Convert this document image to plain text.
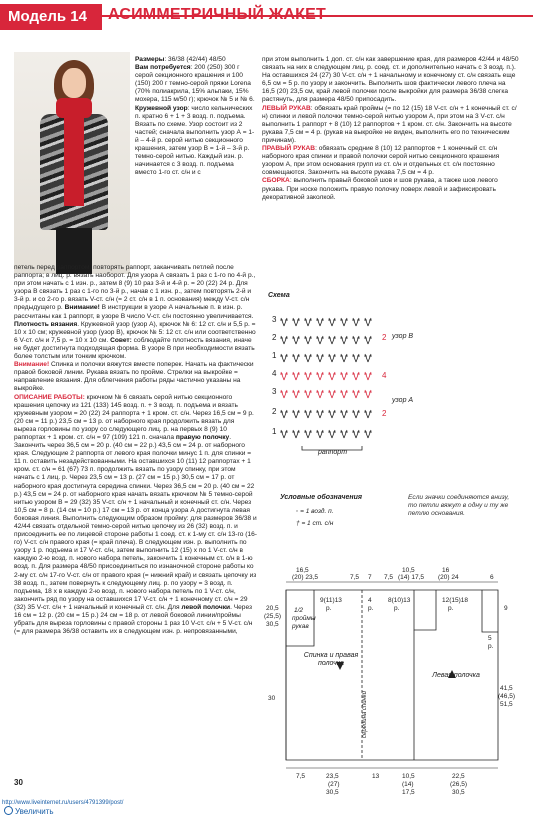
Модель 14	АСИММЕТРИЧНЫЙ ЖАКЕТ

Размеры: 36/38 (42/44) 48/50

Вам потребуется: 200 (250) 300 г серой секционного крашения и 100 (150) 200 г темно-серой пряжи Lorena (70% полиакрила, 15% альпаки, 15% мохера, 115 м/50 г); крючок № 5 и № 6.

Кружевной узор: число кельнических п. кратно 6 + 1 + 3 возд. п. подъема. Вязать по схеме. Узор состоит из 2 частей; сначала выполнить узор А = 1-й – 4-й р. серой нитью секционного крашения, затем узор В = 1-й – 3-й р. темно-серой нитью. Каждый изн. р. начинается с 3 возд. п. подъема вместо 1-го ст. с/н и с

петель перед раппортом, повторять раппорт, заканчивать петлей после раппорта; в лиц. р. вязать наоборот. Для узора А связать 1 раз с 1-го по 4-й р., при этом начать с 1 изн. р., затем 8 (9) 10 раз 3-й и 4-й р. = 20 (22) 24 р. Для узора В связать 1 раз с 1-го по 3-й р., начав с 1 изн. р., затем повторять 2-й и 3-й р. и со 2-го р. вязать V-ст. с/н (= 2 ст. с/н в 1 п. основания) между V-ст. с/н предыдущего р. Внимание! В инструкции в узоре А начальные п. в изн. р. рассчитаны как 1 раппорт, в узоре В число V-ст. с/н постоянно увеличивается.

Плотность вязания. Кружевной узор (узор А), крючок № 6: 12 ст. с/н и 5,5 р. = 10 х 10 см; кружевной узор (узор В), крючок № 5: 12 ст. с/н или соответственно 6 V-ст. с/н и 7,5 р. = 10 х 10 см. Совет: соблюдайте плотность вязания, иначе не будет достигнута подходящая форма. В узоре В при необходимости вязать более толстым или тонким крючком.

Внимание! Спинка и полочки вяжутся вместе поперек. Начать на фактически правой боковой линии. Рукава вязать по пройме. Стрелки на выкройке = направление вязания. Для облегчения работы ряды частично указаны на выкройке.

ОПИСАНИЕ РАБОТЫ: крючком № 6 связать серой нитью секционного крашения цепочку из 121 (133) 145 возд. п. + 3 возд. п. подъема и вязать кружевным узором = 20 (22) 24 раппорта + 1 кром. ст. с/н. Через 16,5 см = 9 р. (20 см = 11 р.) 23,5 см = 13 р. от наборного края продолжить вязать для выреза горловины по узору со следующего лиц. р. на первых 8 (9) 10 раппортах + 1 кром. ст. с/н = 97 (109) 121 п. сначала правую полочку. Закончить через 36,5 см = 20 р. (40 см = 22 р.) 43,5 см = 24 р. от наборного края. Следующие 2 раппорта от левого края полочки минус 1 п. для спинки = 11 п. оставить незадействованными. На оставшихся 10 (11) 12 раппортах + 1 кром. ст. с/н = 61 (67) 73 п. продолжить вязать по узору спинку, при этом начать с 1 лиц. р. Через 23,5 см = 13 р. (27 см = 15 р.) 30,5 см = 17 р. от наборного края достигнута середина спинки. Через 36,5 см = 20 р. (40 см = 22 р.) 43,5 см = 24 р. от наборного края начать вязать крючком № 5 темно-серой нитью узором В = 29 (32) 35 V-ст. с/н + 1 начальный и конечный ст. с/н. Через 10,5 см = 8 р. (14 см = 10 р.) 17 см = 13 р. от конца узора А достигнута левая боковая линия. Выполнить следующим образом пройму: для размеров 36/38 и 42/44 связать отдельной темно-серой нитью цепочку из 26 (32) возд. п. и присоединить ее по лицевой стороне работы 1 соед. ст. к 1-му ст. с/н 13-го (16-го) V-ст. с/н правого края (= край плеча). В следующем изн. р. выполнить по узору 1 р. подъема и 17 V-ст. с/н, затем выполнить 12 (15) х по 1 V-ст. с/н в каждую 2-ю возд. п. нового набора петель, закончить 1 конечным ст. с/н в 1-ю возд. п. Для размера 48/50 присоединиться по изнаночной стороне работы ко 2-му ст. с/н 17-го V-ст. с/н от правого края (= нижний край) и связать цепочку из 38 возд. п., затем повернуть к следующему лиц. р. по узору = 3 возд. п. подъема, 18 х в каждую 2-ю возд. п. нового набора петель по 1 V-ст. с/н, закончить ряд по узору на оставшихся 17 V-ст. с/н + 1 конечному ст. с/н = 29 (32) 35 V-ст. с/н + 1 начальный и конечный ст. с/н. Для левой полочки. Через 16 см = 12 р. (20 см = 15 р.) 24 см = 18 р. от левой боковой линии/проймы убрать для выреза горловины с правой стороны 1 раз 10 V-ст. с/н + 5 V-ст. с/н (= для размера 36/38 оставить их в следующем изн. р. непровязанными,

при этом выполнить 1 доп. ст. с/н как завершение края, для размеров 42/44 и 48/50 связать на них в следующем лиц. р. соед. ст. и дополнительно начать с 3 возд. п.). На оставшихся 24 (27) 30 V-ст. с/н + 1 начальному и конечному ст. с/н связать еще 6,5 см = 5 р. по узору и закончить. Выполнить шов фактически левого плеча на 16,5 (20) 23,5 см, край левой полочки после выкройки для размера 36/38 слегка растянуть, для размера 48/50 припосадить.

ЛЕВЫЙ РУКАВ: обвязать край проймы (= по 12 (15) 18 V-ст. с/н + 1 конечный ст. с/н) спинки и левой полочки темно-серой нитью узором А, при этом на 3 V-ст. с/н выполнить 1 раппорт + 8 (10) 12 раппортов + 1 кром. ст. с/н. Закончить на высоте рукава 7,5 см = 4 р. (рукав на выкройке не виден, выполнить его по техническим причинам).

ПРАВЫЙ РУКАВ: обвязать средние 8 (10) 12 раппортов + 1 конечный ст. с/н наборного края спинки и правой полочки серой нитью секционного крашения узором А, при этом основания групп из ст. с/н и отдельных ст. с/н постоянно совмещаются. Закончить на высоте рукава 7,5 см = 4 р.

СБОРКА: выполнить правый боковой шов и шов рукава, а также шов левого рукава. При носке положить правую полочку поверх левой и зафиксировать декоративной заколкой.

Схема
3
2
1
4
3
2
1
2
4
2
узор В
узор А
раппорт
Условные обозначения
◦ = 1 возд. п.
† = 1 ст. с/н
Если значки соединяются внизу, то петли вяжут в одну и ту же петлю основания.
16,5
(20) 23,5	7,5 7 7,5
10,5
(14) 17,5
16
(20) 24	6
9(11)13
р.
4
р.
8(10)13
р.
12(15)18
р.
20,5
(25,5)
30,5
1/2
проймы
рукав
30
9
5
р.
41,5
(46,5)
51,5
7,5	23,5
(27)
30,5
13	10,5
(14)
17,5
22,5
(26,5)
30,5
Спинка и правая полочка
Левая полочка
середина спинки
30
http://www.liveinternet.ru/users/4791399/post/
Увеличить
